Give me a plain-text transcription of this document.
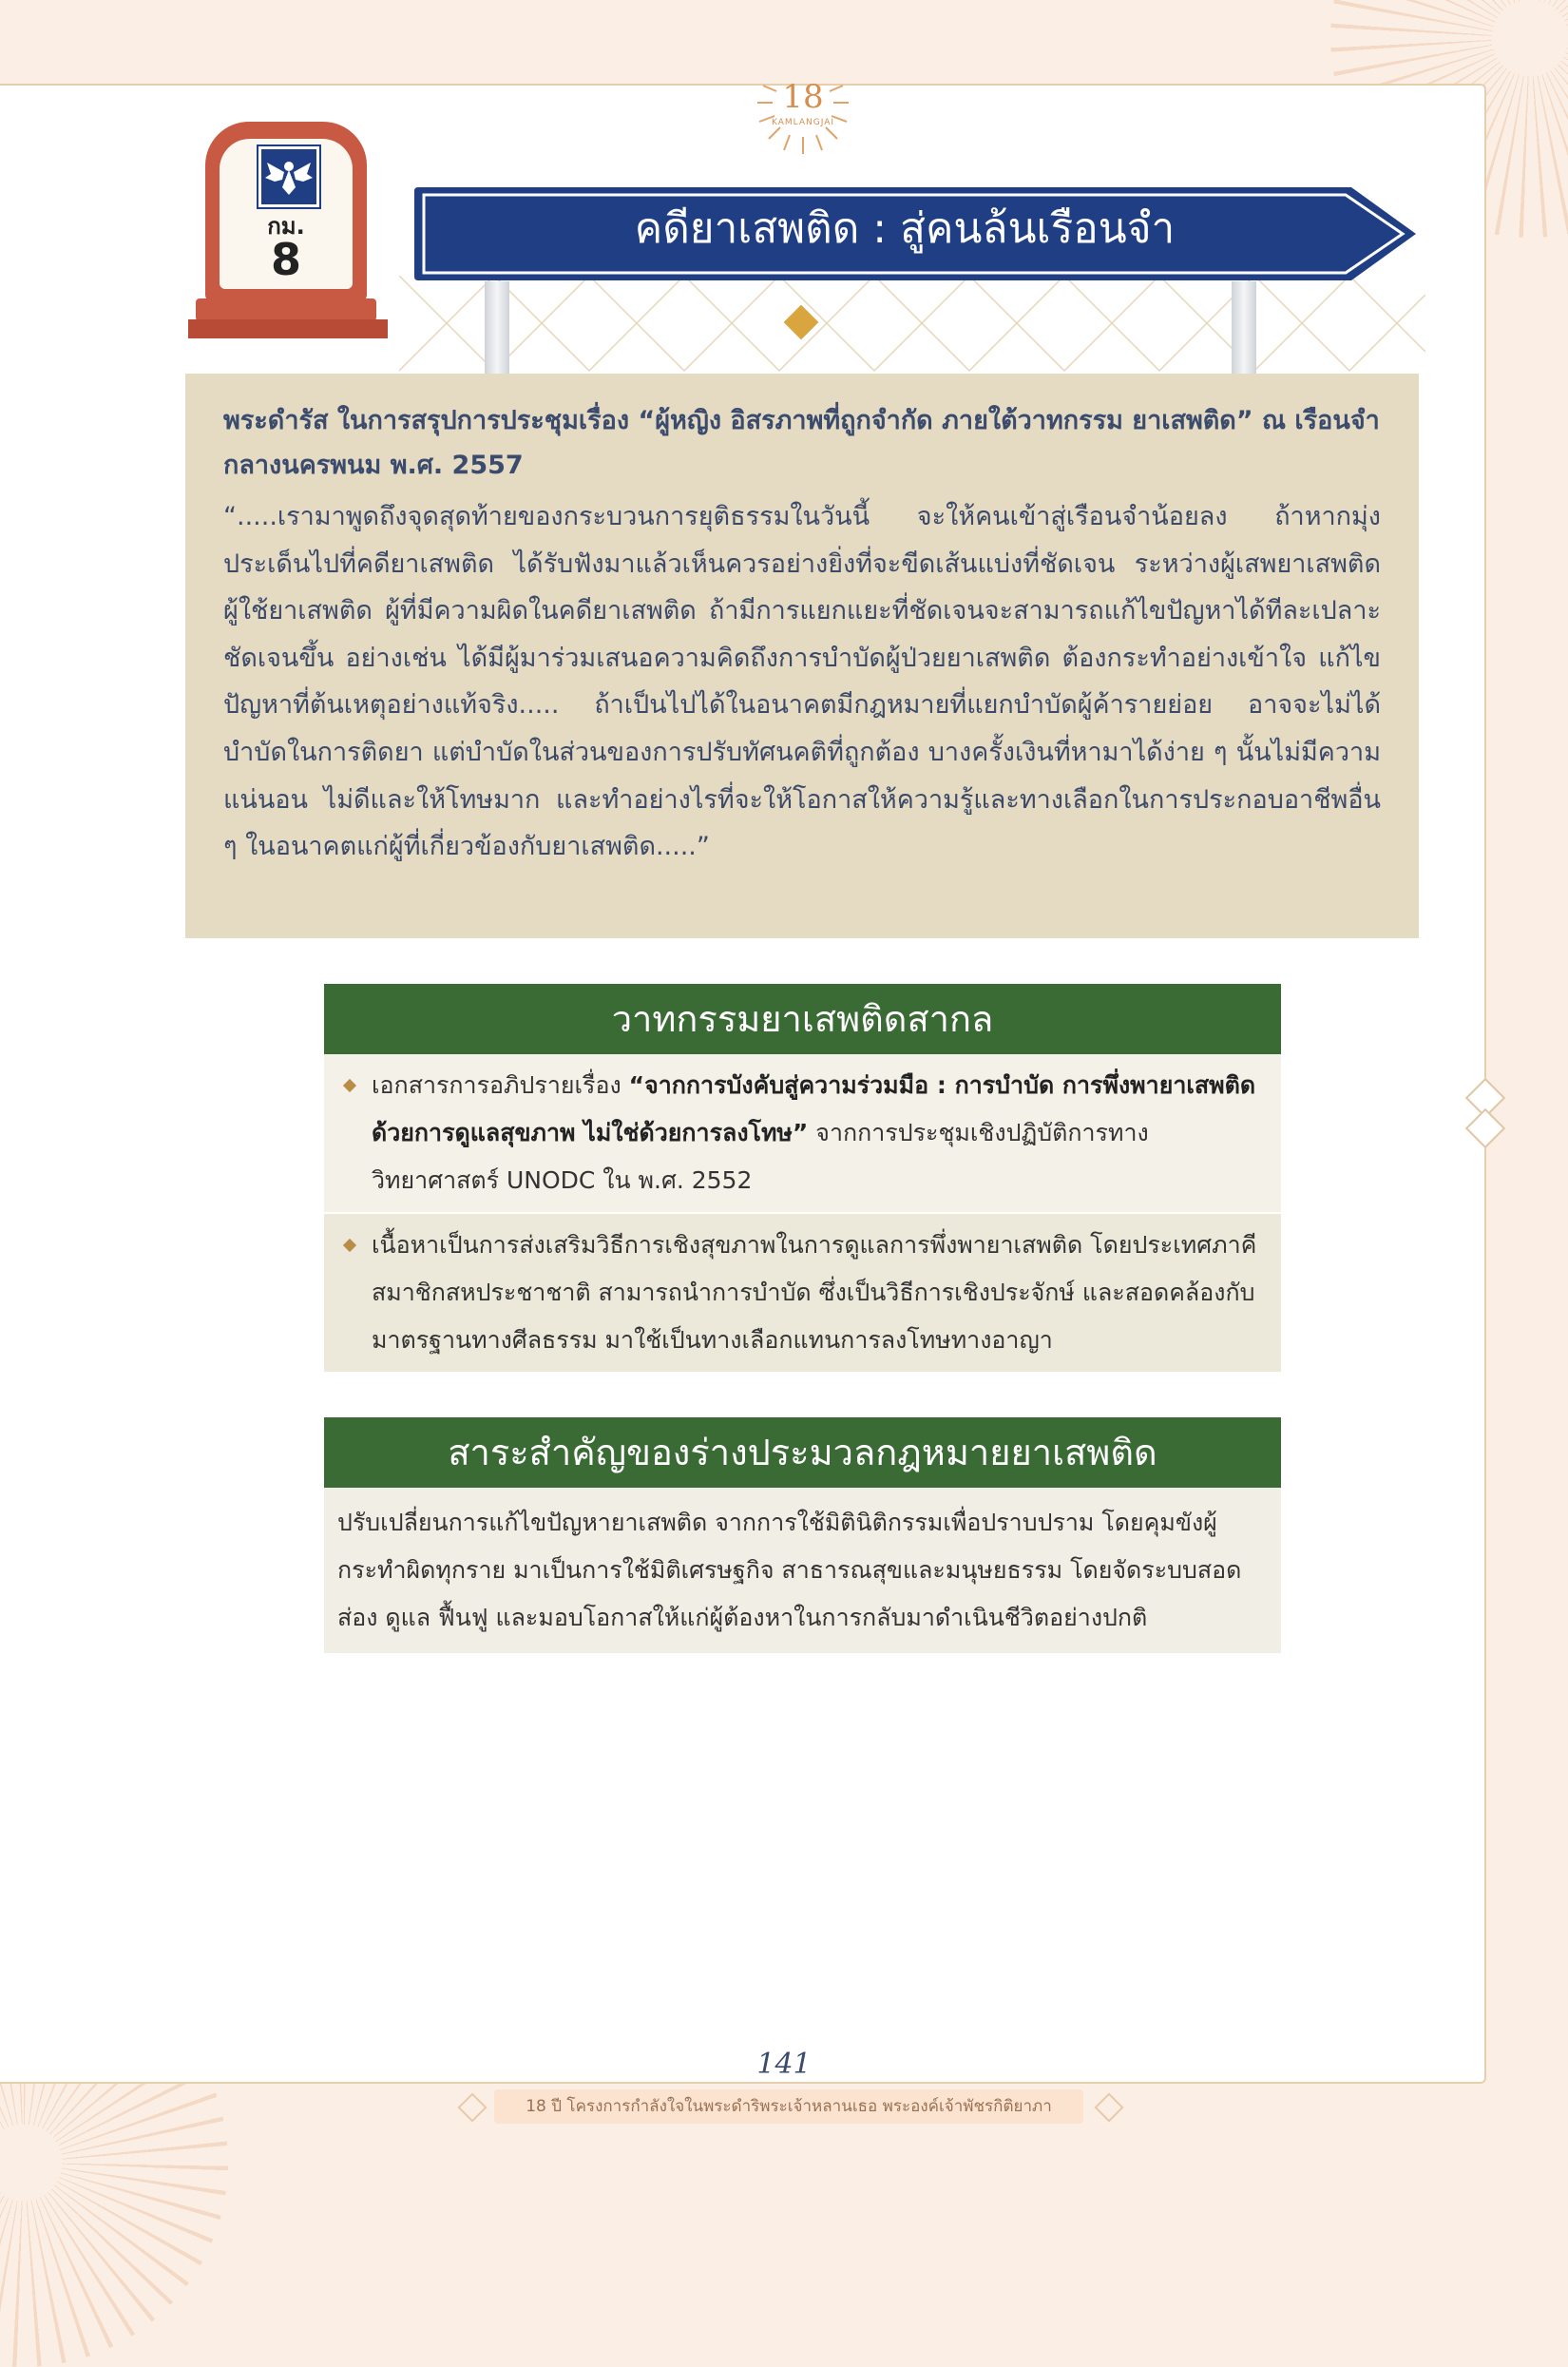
18
KAMLANGJAI
กม.
8
คดียาเสพติด : สู่คนล้นเรือนจำ

พระดำรัส ในการสรุปการประชุมเรื่อง “ผู้หญิง อิสรภาพที่ถูกจำกัด ภายใต้วาทกรรม ยาเสพติด” ณ เรือนจำกลางนครพนม พ.ศ. 2557

“.....เรามาพูดถึงจุดสุดท้ายของกระบวนการยุติธรรมในวันนี้ จะให้คนเข้าสู่เรือนจำน้อยลง ถ้าหากมุ่งประเด็นไปที่คดียาเสพติด ได้รับฟังมาแล้วเห็นควรอย่างยิ่งที่จะขีดเส้นแบ่งที่ชัดเจน ระหว่างผู้เสพยาเสพติด ผู้ใช้ยาเสพติด ผู้ที่มีความผิดในคดียาเสพติด ถ้ามีการแยกแยะที่ชัดเจนจะสามารถแก้ไขปัญหาได้ทีละเปลาะชัดเจนขึ้น อย่างเช่น ได้มีผู้มาร่วมเสนอความคิดถึงการบำบัดผู้ป่วยยาเสพติด ต้องกระทำอย่างเข้าใจ แก้ไขปัญหาที่ต้นเหตุอย่างแท้จริง..... ถ้าเป็นไปได้ในอนาคตมีกฎหมายที่แยกบำบัดผู้ค้ารายย่อย อาจจะไม่ได้บำบัดในการติดยา แต่บำบัดในส่วนของการปรับทัศนคติที่ถูกต้อง บางครั้งเงินที่หามาได้ง่าย ๆ นั้นไม่มีความแน่นอน ไม่ดีและให้โทษมาก และทำอย่างไรที่จะให้โอกาสให้ความรู้และทางเลือกในการประกอบอาชีพอื่น ๆ ในอนาคตแก่ผู้ที่เกี่ยวข้องกับยาเสพติด.....”

วาทกรรมยาเสพติดสากล
เอกสารการอภิปรายเรื่อง “จากการบังคับสู่ความร่วมมือ : การบำบัด การพึ่งพายาเสพติด ด้วยการดูแลสุขภาพ ไม่ใช่ด้วยการลงโทษ” จากการประชุมเชิงปฏิบัติการทางวิทยาศาสตร์ UNODC ใน พ.ศ. 2552
เนื้อหาเป็นการส่งเสริมวิธีการเชิงสุขภาพในการดูแลการพึ่งพายาเสพติด โดยประเทศภาคีสมาชิกสหประชาชาติ สามารถนำการบำบัด ซึ่งเป็นวิธีการเชิงประจักษ์ และสอดคล้องกับมาตรฐานทางศีลธรรม มาใช้เป็นทางเลือกแทนการลงโทษทางอาญา
สาระสำคัญของร่างประมวลกฎหมายยาเสพติด
ปรับเปลี่ยนการแก้ไขปัญหายาเสพติด จากการใช้มิตินิติกรรมเพื่อปราบปราม โดยคุมขังผู้กระทำผิดทุกราย มาเป็นการใช้มิติเศรษฐกิจ สาธารณสุขและมนุษยธรรม โดยจัดระบบสอดส่อง ดูแล ฟื้นฟู และมอบโอกาสให้แก่ผู้ต้องหาในการกลับมาดำเนินชีวิตอย่างปกติ
141
18 ปี โครงการกำลังใจในพระดำริพระเจ้าหลานเธอ พระองค์เจ้าพัชรกิติยาภา
